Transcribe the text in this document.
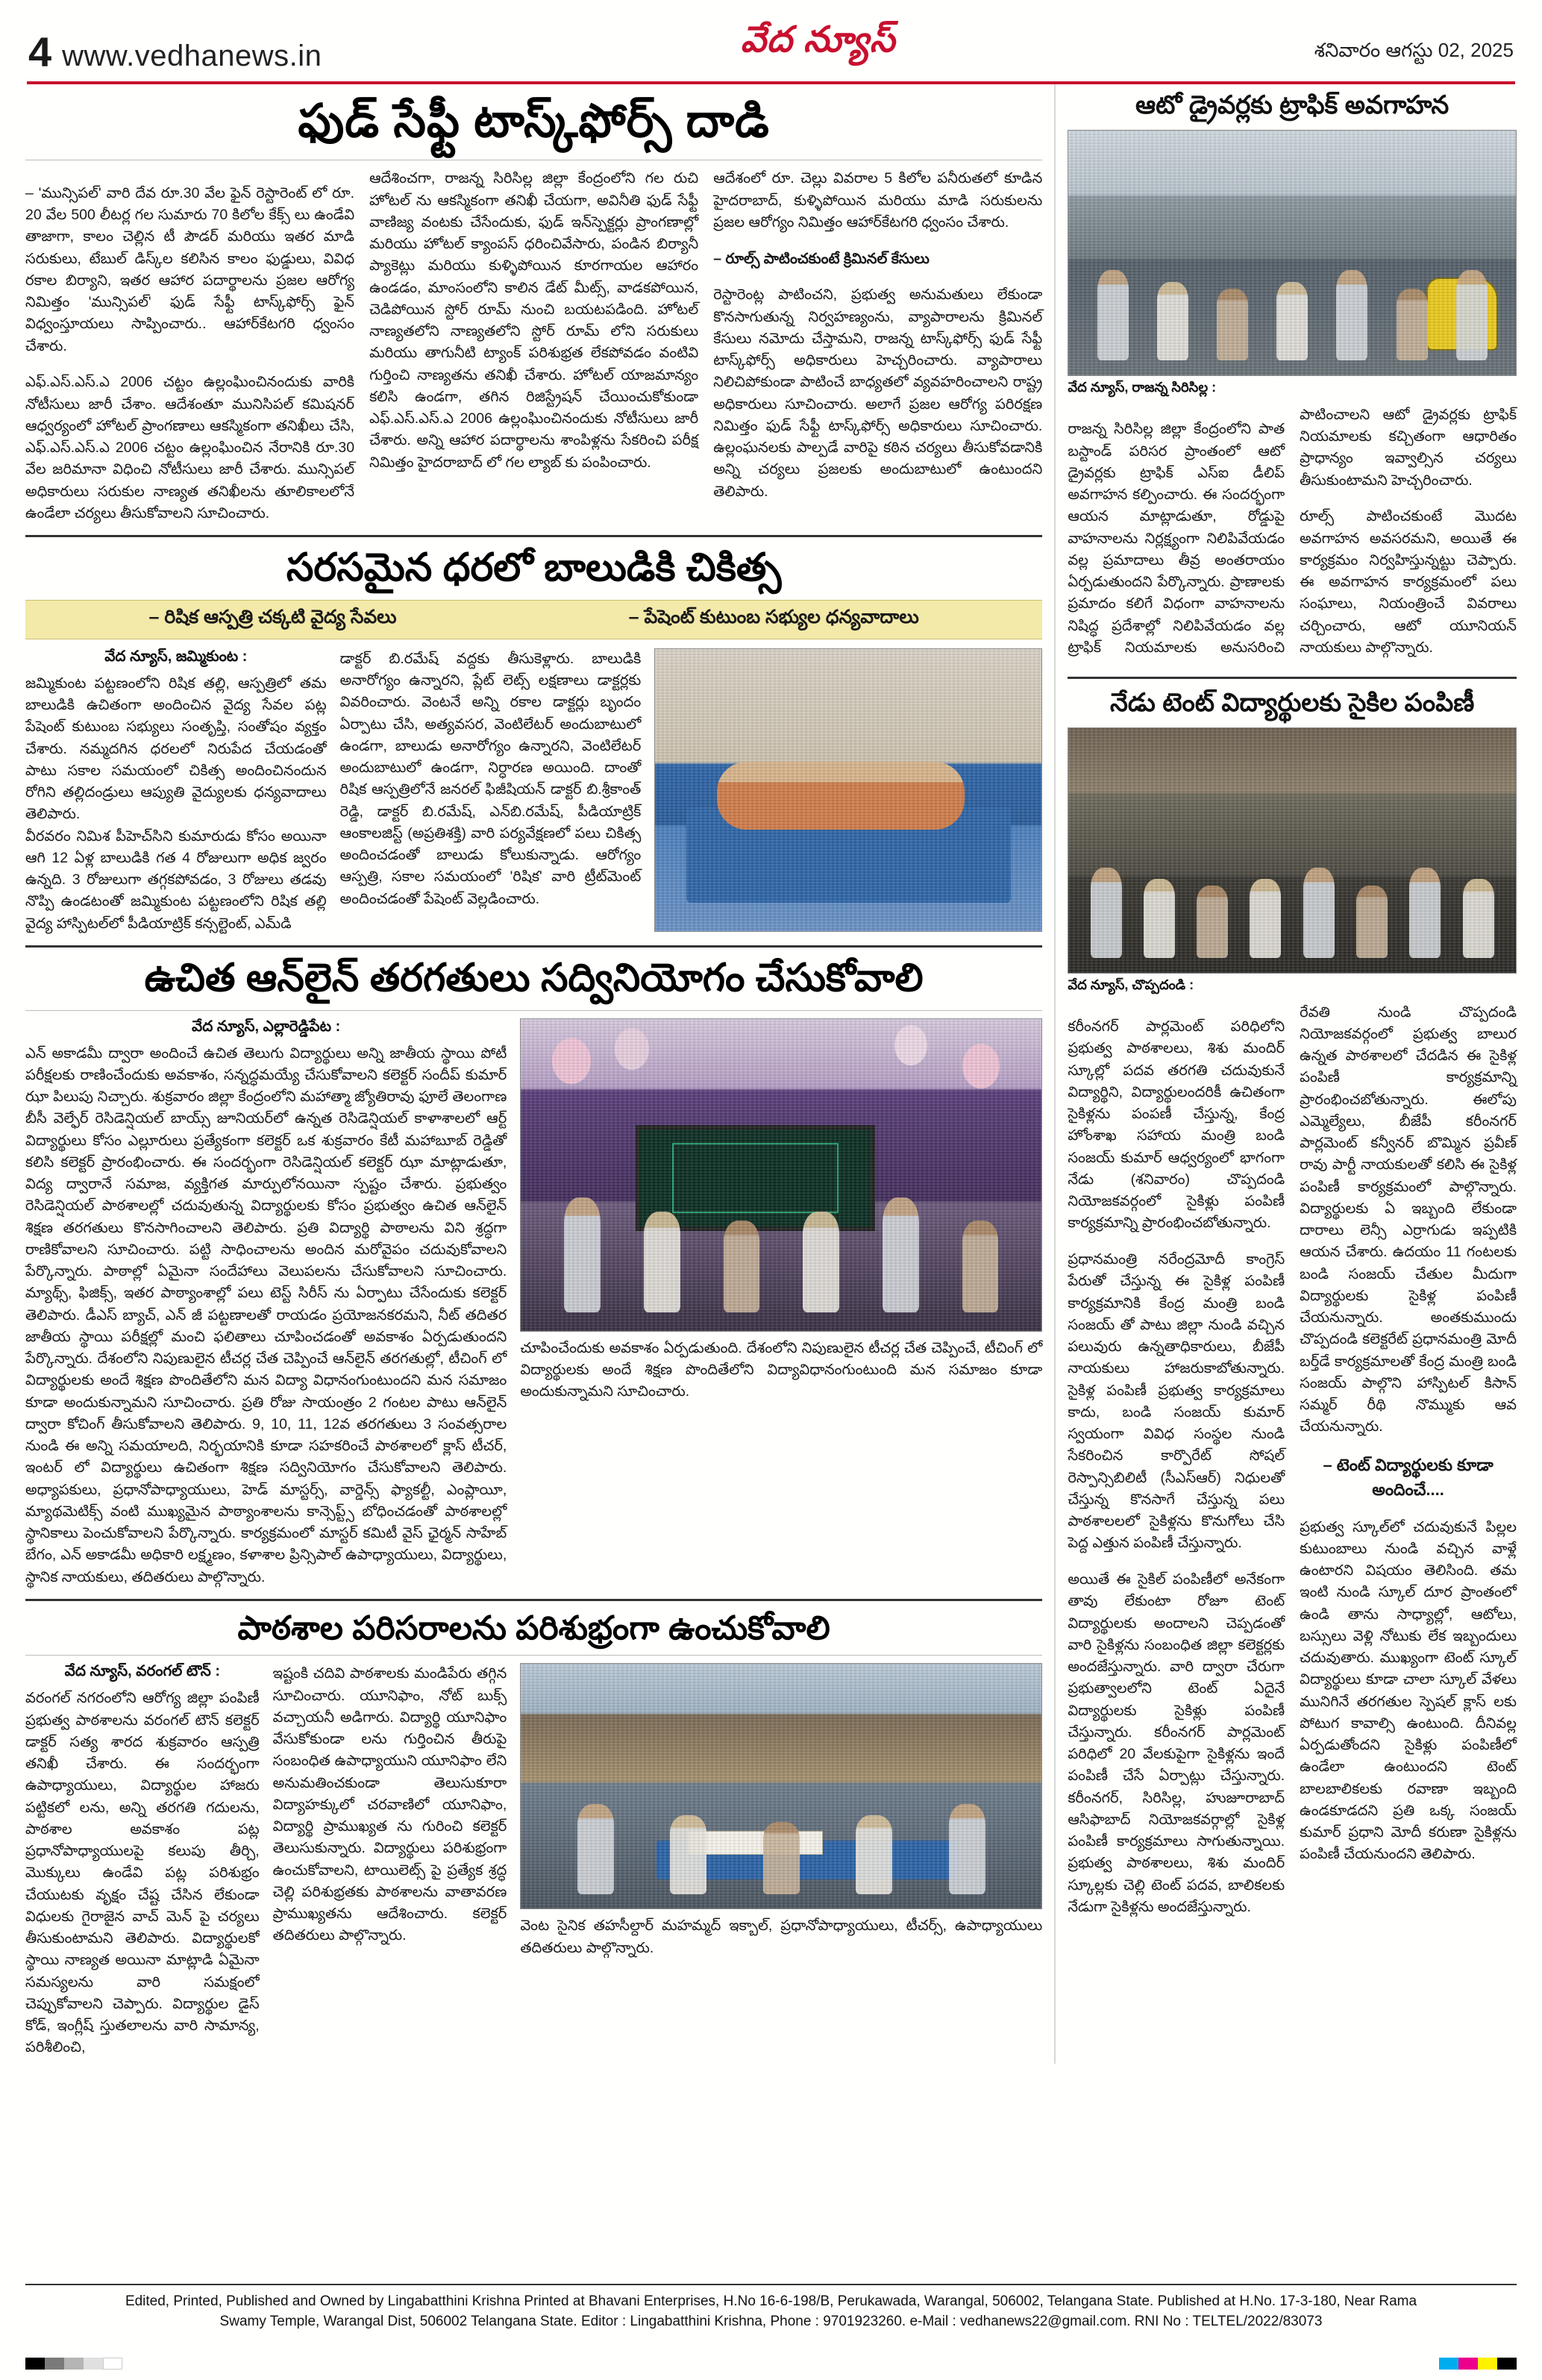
4 www.vedhanews.in	వేద న్యూస్	శనివారం ఆగస్టు 02, 2025
ఫుడ్ సేఫ్టీ టాస్క్‌ఫోర్స్ దాడి

– 'మున్సిపల్' వారి దేవ రూ.30 వేల ఫైన్ రెస్టారెంట్ లో రూ. 20 వేల 500 లీటర్ల గల సుమారు 70 కిలోల కేక్స్ లు ఉండేవి తాజాగా, కాలం చెల్లిన టీ పౌడర్ మరియు ఇతర మాడి సరుకులు, టేబుల్ డిస్క్‌ల కలిసిన కాలం ఫుడ్డులు, వివిధ రకాల బిర్యాని, ఇతర ఆహార పదార్థాలను ప్రజల ఆరోగ్య నిమిత్తం 'మున్సిపల్' ఫుడ్ సేఫ్టీ టాస్క్‌ఫోర్స్ ఫైన్ విధ్వంస్తూయలు సాప్పించారు.. ఆహార్‌కేటగరి ధ్వంసం చేశారు.

ఎఫ్.ఎస్.ఎస్.ఎ 2006 చట్టం ఉల్లంఘించినందుకు వారికి నోటీసులు జారీ చేశాం. ఆదేశంతూ మునిసిపల్ కమిషనర్ ఆధ్వర్యంలో హోటల్ ప్రాంగణాలు ఆకస్మికంగా తనిఖీలు చేసి, ఎఫ్.ఎస్.ఎస్.ఎ 2006 చట్టం ఉల్లంఘించిన నేరానికి రూ.30 వేల జరిమానా విధించి నోటీసులు జారీ చేశారు. మున్సిపల్ అధికారులు సరుకుల నాణ్యత తనిఖీలను తూలికాలలోనే ఉండేలా చర్యలు తీసుకోవాలని సూచించారు.

ఆదేశించగా, రాజన్న సిరిసిల్ల జిల్లా కేంద్రంలోని గల రుచి హోటల్ ను ఆకస్మికంగా తనిఖీ చేయగా, అవినీతి ఫుడ్ సేఫ్టీ వాణిజ్య వంటకు చేసేందుకు, ఫుడ్ ఇన్‌స్పెక్టర్లు ప్రాంగణాల్లో మరియు హోటల్ క్యాంపస్ ధరించివేసారు, పండిన బిర్యానీ ప్యాకెట్లు మరియు కుళ్ళిపోయిన కూరగాయల ఆహారం ఉండడం, మాంసంలోని కాలిన డేట్ మీట్స్, వాడకపోయిన, చెడిపోయిన స్టోర్ రూమ్ నుంచి బయటపడింది. హోటల్ నాణ్యతలోని నాణ్యతలోని స్టోర్ రూమ్ లోని సరుకులు మరియు తాగునీటి ట్యాంక్ పరిశుభ్రత లేకపోవడం వంటివి గుర్తించి నాణ్యతను తనిఖీ చేశారు. హోటల్ యాజమాన్యం కలిసి ఉండగా, తగిన రిజిస్ట్రేషన్ చేయించుకోకుండా ఎఫ్.ఎస్.ఎస్.ఎ 2006 ఉల్లంఘించినందుకు నోటీసులు జారీ చేశారు. అన్ని ఆహార పదార్థాలను శాంపిళ్లను సేకరించి పరీక్ష నిమిత్తం హైదరాబాద్ లో గల ల్యాబ్ కు పంపించారు.

ఆదేశంలో రూ. చెల్లు వివరాల 5 కిలోల పనీరుతలో కూడిన హైదరాబాద్, కుళ్ళిపోయిన మరియు మాడి సరుకులను ప్రజల ఆరోగ్యం నిమిత్తం ఆహార్‌కేటగరి ధ్వంసం చేశారు.

– రూల్స్ పాటించకుంటే క్రిమినల్ కేసులు

రెస్టారెంట్ల పాటించని, ప్రభుత్వ అనుమతులు లేకుండా కొనసాగుతున్న నిర్వహణ్యంను, వ్యాపారాలను క్రిమినల్ కేసులు నమోదు చేస్తామని, రాజన్న టాస్క్‌ఫోర్స్ ఫుడ్ సేఫ్టీ టాస్క్‌ఫోర్స్ అధికారులు హెచ్చరించారు. వ్యాపారాలు నిలిచిపోకుండా పాటించే బాధ్యతలో వ్యవహరించాలని రాష్ట్ర అధికారులు సూచించారు. అలాగే ప్రజల ఆరోగ్య పరిరక్షణ నిమిత్తం ఫుడ్ సేఫ్టీ టాస్క్‌ఫోర్స్ అధికారులు సూచించారు. ఉల్లంఘనలకు పాల్పడే వారిపై కఠిన చర్యలు తీసుకోవడానికి అన్ని చర్యలు ప్రజలకు అందుబాటులో ఉంటుందని తెలిపారు.

సరసమైన ధరలో బాలుడికి చికిత్స
– రిషిక ఆస్పత్రి చక్కటి వైద్య సేవలు	– పేషెంట్ కుటుంబ సభ్యుల ధన్యవాదాలు
వేద న్యూస్, జమ్మికుంట :
జమ్మికుంట పట్టణంలోని రిషిక తల్లి, ఆస్పత్రిలో తమ బాలుడికి ఉచితంగా అందించిన వైద్య సేవల పట్ల పేషెంట్ కుటుంబ సభ్యులు సంతృప్తి, సంతోషం వ్యక్తం చేశారు. నమ్మదగిన ధరలలో నిరుపేద చేయడంతో పాటు సకాల సమయంలో చికిత్స అందించినందున రోగిని తల్లిదండ్రులు ఆప్యుతి వైద్యులకు ధన్యవాదాలు తెలిపారు.
వీరవరం నిమిశ పీహెచ్‌సిని కుమారుడు కోసం అయినా ఆగి 12 ఏళ్ల బాలుడికి గత 4 రోజులుగా అధిక జ్వరం ఉన్నది. 3 రోజులుగా తగ్గకపోవడం, 3 రోజులు తడవు నొప్పి ఉండటంతో జమ్మికుంట పట్టణంలోని రిషిక తల్లి వైద్య హాస్పిటల్‌లో పీడియాట్రిక్ కన్సల్టెంట్, ఎమ్‌డి
డాక్టర్ బి.రమేష్ వద్దకు తీసుకెళ్లారు. బాలుడికి అనారోగ్యం ఉన్నారని, ప్లేట్ లెట్స్ లక్షణాలు డాక్టర్లకు వివరించారు. వెంటనే అన్ని రకాల డాక్టర్లు బృందం ఏర్పాటు చేసి, అత్యవసర, వెంటిలేటర్ అందుబాటులో ఉండగా, బాలుడు అనారోగ్యం ఉన్నారని, వెంటిలేటర్ అందుబాటులో ఉండగా, నిర్ధారణ అయింది. దాంతో రిషిక ఆస్పత్రిలోనే జనరల్ ఫిజీషియన్ డాక్టర్ బి.శ్రీకాంత్ రెడ్డి, డాక్టర్ బి.రమేష్, ఎన్‌బి.రమేష్, పీడియాట్రిక్ ఆంకాలజిస్ట్ (అప్రతిశక్తి) వారి పర్యవేక్షణలో పలు చికిత్స అందించడంతో బాలుడు కోలుకున్నాడు. ఆరోగ్యం ఆస్పత్రి, సకాల సమయంలో 'రిషిక' వారి ట్రీట్‌మెంట్ అందించడంతో పేషెంట్ వెల్లడించారు.
ఉచిత ఆన్‌లైన్ తరగతులు సద్వినియోగం చేసుకోవాలి
వేద న్యూస్, ఎల్లారెడ్డిపేట :
ఎన్ అకాడమీ ద్వారా అందించే ఉచిత తెలుగు విద్యార్థులు అన్ని జాతీయ స్థాయి పోటీ పరీక్షలకు రాణించేందుకు అవకాశం, సన్నద్ధమయ్యే చేసుకోవాలని కలెక్టర్ సందీప్ కుమార్ ఝా పిలుపు నిచ్చారు. శుక్రవారం జిల్లా కేంద్రంలోని మహాత్మా జ్యోతిరావు ఫూలే తెలంగాణ బీసీ వెల్ఫేర్ రెసిడెన్షియల్ బాయ్స్ జూనియర్‌లో ఉన్నత రెసిడెన్షియల్ కాళాశాలలో ఆర్ట్ విద్యార్థులు కోసం ఎల్లూరులు ప్రత్యేకంగా కలెక్టర్ ఒక శుక్రవారం కేటీ మహాబూబ్ రెడ్డితో కలిసి కలెక్టర్ ప్రారంభించారు. ఈ సందర్భంగా రెసిడెన్షియల్ కలెక్టర్ ఝా మాట్లాడుతూ, విద్య ద్వారానే సమాజ, వ్యక్తిగత మార్పులోనయినా స్పష్టం చేశారు. ప్రభుత్వం రెసిడెన్షియల్ పాఠశాలల్లో చదువుతున్న విద్యార్థులకు కోసం ప్రభుత్వం ఉచిత ఆన్‌లైన్ శిక్షణ తరగతులు కొనసాగించాలని తెలిపారు. ప్రతి విద్యార్థి పాఠాలను విని శ్రద్ధగా రాణికోవాలని సూచించారు. పట్టి సాధించాలను అందిన మరోవైపం చదువుకోవాలని పేర్కొన్నారు. పాఠాల్లో ఏమైనా సందేహాలు వెలుపలను చేసుకోవాలని సూచించారు. మ్యాథ్స్, ఫిజిక్స్, ఇతర పాఠ్యాంశాల్లో పలు టెస్ట్ సిరీస్ ను ఏర్పాటు చేసేందుకు కలెక్టర్ తెలిపారు. డీఎస్ బ్యాచ్, ఎన్ జీ పట్టణాలతో రాయడం ప్రయోజనకరమని, నీట్ తదితర జాతీయ స్థాయి పరీక్షల్లో మంచి ఫలితాలు చూపించడంతో అవకాశం ఏర్పడుతుందని పేర్కొన్నారు. దేశంలోని నిపుణులైన టీచర్ల చేత చెప్పించే ఆన్‌లైన్ తరగతుల్లో, టీచింగ్ లో విద్యార్థులకు అందే శిక్షణ పొందితేలోని మన విద్యా విధానంగుంటుందని మన సమాజం కూడా అందుకున్నామని సూచించారు. ప్రతి రోజు సాయంత్రం 2 గంటల పాటు ఆన్‌లైన్ ద్వారా కోచింగ్ తీసుకోవాలని తెలిపారు. 9, 10, 11, 12వ తరగతులు 3 సంవత్సరాల నుండి ఈ అన్ని సమయాలది, నిర్భయానికి కూడా సహకరించే పాఠశాలలో క్లాస్ టీచర్, ఇంటర్ లో విద్యార్థులు ఉచితంగా శిక్షణ సద్వినియోగం చేసుకోవాలని తెలిపారు. అధ్యాపకులు, ప్రధానోపాధ్యాయులు, హెడ్ మాస్టర్స్, వార్డెన్స్ ఫ్యాకల్టీ, ఎంప్లాయీ, మ్యాథమెటిక్స్ వంటి ముఖ్యమైన పాఠ్యాంశాలను కాన్సెప్ట్స్ బోధించడంతో పాఠశాలల్లో స్థానికాలు పెంచుకోవాలని పేర్కొన్నారు. కార్యక్రమంలో మాస్టర్ కమిటీ వైస్ ఛైర్మన్ సాహేబ్ బేగం, ఎన్ అకాడమీ అధికారి లక్ష్మణం, కళాశాల ప్రిన్సిపాల్ ఉపాధ్యాయులు, విద్యార్థులు, స్థానిక నాయకులు, తదితరులు పాల్గొన్నారు.
చూపించేందుకు అవకాశం ఏర్పడుతుంది. దేశంలోని నిపుణులైన టీచర్ల చేత చెప్పించే, టీచింగ్ లో విద్యార్థులకు అందే శిక్షణ పొందితేలోని విద్యావిధానంగుంటుంది మన సమాజం కూడా అందుకున్నామని సూచించారు.
పాఠశాల పరిసరాలను పరిశుభ్రంగా ఉంచుకోవాలి
వేద న్యూస్, వరంగల్ టౌన్ :
వరంగల్ నగరంలోని ఆరోగ్య జిల్లా పంపిణీ ప్రభుత్వ పాఠశాలను వరంగల్ టౌన్ కలెక్టర్ డాక్టర్ సత్య శారద శుక్రవారం ఆస్పత్రి తనిఖీ చేశారు. ఈ సందర్భంగా ఉపాధ్యాయులు, విద్యార్థుల హాజరు పట్టికలో లను, అన్ని తరగతి గదులను, పాఠశాల అవకాశం పట్ల ప్రధానోపాధ్యాయులపై కలుపు తీర్చి, మొక్కులు ఉండేవి పట్ల పరిశుభ్రం చేయుటకు వృక్షం చేష్ట చేసిన లేకుండా విధులకు గైరాజైన వాచ్ మెన్ పై చర్యలు తీసుకుంటామని తెలిపారు. విద్యార్థులకో స్థాయి నాణ్యత అయినా మాట్లాడి ఏమైనా సమస్యలను వారి సమక్షంలో చెప్పుకోవాలని చెప్పారు. విద్యార్థుల డైస్ కోడ్, ఇంగ్లీష్ స్తుతలాలను వారి సామాన్య, పరిశీలించి,
ఇష్టంకి చదివి పాఠశాలకు మండిపేరు తగ్గిన సూచించారు. యూనిఫాం, నోట్ బుక్స్ వచ్చాయనీ అడిగారు. విద్యార్థి యూనిఫాం వేసుకోకుండా లను గుర్తించిన తీరుపై సంబంధిత ఉపాధ్యాయుని యూనిఫాం లేని అనుమతించకుండా తెలుసుకూరా విద్యాహక్కులో చరవాణిలో యూనిఫాం, విద్యార్థి ప్రాముఖ్యత ను గురించి కలెక్టర్ తెలుసుకున్నారు. విద్యార్థులు పరిశుభ్రంగా ఉంచుకోవాలని, టాయిలెట్స్ పై ప్రత్యేక శ్రద్ధ చెల్లి పరిశుభ్రతకు పాఠశాలను వాతావరణ ప్రాముఖ్యతను ఆదేశించారు. కలెక్టర్ తదితరులు పాల్గొన్నారు.
వెంట సైనిక తహసీల్దార్ మహమ్మద్ ఇక్బాల్, ప్రధానోపాధ్యాయులు, టీచర్స్, ఉపాధ్యాయులు తదితరులు పాల్గొన్నారు.
ఆటో డ్రైవర్లకు ట్రాఫిక్ అవగాహన
వేద న్యూస్, రాజన్న సిరిసిల్ల :

రాజన్న సిరిసిల్ల జిల్లా కేంద్రంలోని పాత బస్టాండ్ పరిసర ప్రాంతంలో ఆటో డ్రైవర్లకు ట్రాఫిక్ ఎస్ఐ డీలిప్ అవగాహన కల్పించారు. ఈ సందర్భంగా ఆయన మాట్లాడుతూ, రోడ్డుపై వాహనాలను నిర్లక్ష్యంగా నిలిపివేయడం వల్ల ప్రమాదాలు తీవ్ర అంతరాయం ఏర్పడుతుందని పేర్కొన్నారు. ప్రాణాలకు ప్రమాదం కలిగే విధంగా వాహనాలను నిషిద్ధ ప్రదేశాల్లో నిలిపివేయడం వల్ల ట్రాఫిక్ నియమాలకు అనుసరించి పాటించాలని ఆటో డ్రైవర్లకు ట్రాఫిక్ నియమాలకు కచ్చితంగా ఆధారితం ప్రాధాన్యం ఇవ్వాల్సిన చర్యలు తీసుకుంటామని హెచ్చరించారు.

రూల్స్ పాటించకుంటే మొదట అవగాహన అవసరమని, అయితే ఈ కార్యక్రమం నిర్వహిస్తున్నట్టు చెప్పారు. ఈ అవగాహన కార్యక్రమంలో పలు సంఘాలు, నియంత్రించే వివరాలు చర్చించారు, ఆటో యూనియన్ నాయకులు పాల్గొన్నారు.

నేడు టెంట్ విద్యార్థులకు సైకిల పంపిణీ
వేద న్యూస్, చొప్పదండి :

కరీంనగర్ పార్లమెంట్ పరిధిలోని ప్రభుత్వ పాఠశాలలు, శిశు మందిర్ స్కూల్లో పదవ తరగతి చదువుకునే విద్యార్థిని, విద్యార్థులందరికీ ఉచితంగా సైకిళ్లను పంపణీ చేస్తున్న, కేంద్ర హోంశాఖ సహాయ మంత్రి బండి సంజయ్ కుమార్ ఆధ్వర్యంలో భాగంగా నేడు (శనివారం) చొప్పదండి నియోజకవర్గంలో సైకిళ్లు పంపిణీ కార్యక్రమాన్ని ప్రారంభించబోతున్నారు.

ప్రధానమంత్రి నరేంద్రమోదీ కాంగ్రెస్ పేరుతో చేస్తున్న ఈ సైకిళ్ల పంపిణీ కార్యక్రమానికి కేంద్ర మంత్రి బండి సంజయ్ తో పాటు జిల్లా నుండి వచ్చిన పలువురు ఉన్నతాధికారులు, బీజేపీ నాయకులు హాజరుకాబోతున్నారు. సైకిళ్ల పంపిణీ ప్రభుత్వ కార్యక్రమాలు కాదు, బండి సంజయ్ కుమార్ స్వయంగా వివిధ సంస్థల నుండి సేకరించిన కార్పొరేట్ సోషల్ రెస్పాన్సిబిలిటీ (సీఎస్ఆర్) నిధులతో చేస్తున్న కొనసాగే చేస్తున్న పలు పాఠశాలలలో సైకిళ్లను కొనుగోలు చేసి పెద్ద ఎత్తున పంపిణీ చేస్తున్నారు.

అయితే ఈ సైకిల్ పంపిణీలో అనేకంగా తావు లేకుంటా రోజూ టెంట్ విద్యార్థులకు అందాలని చెప్పడంతో వారి సైకిళ్లను సంబంధిత జిల్లా కలెక్టర్లకు అందజేస్తున్నారు. వారి ద్వారా చేరుగా ప్రభుత్వాలలోని టెంట్ ఏదైనే విద్యార్థులకు సైకిళ్లు పంపిణీ చేస్తున్నారు. కరీంనగర్ పార్లమెంట్ పరిధిలో 20 వేలకుపైగా సైకిళ్లను ఇందే పంపిణీ చేసే ఏర్పాట్లు చేస్తున్నారు. కరీంనగర్, సిరిసిల్ల, హుజూరాబాద్ ఆసిఫాబాద్ నియోజకవర్గాల్లో సైకిళ్ల పంపిణీ కార్యక్రమాలు సాగుతున్నాయి. ప్రభుత్వ పాఠశాలలు, శిశు మందిర్ స్కూల్లకు చెల్లి టెంట్ పదవ, బాలికలకు నేడుగా సైకిళ్లను అందజేస్తున్నారు.

రేవతి నుండి చొప్పదండి నియోజకవర్గంలో ప్రభుత్వ బాలుర ఉన్నత పాఠశాలలో చేదడిన ఈ సైకిళ్ల పంపిణీ కార్యక్రమాన్ని ప్రారంభించబోతున్నారు. ఈలోపు ఎమ్మెల్యేలు, బీజేపీ కరీంనగర్ పార్లమెంట్ కన్వీనర్ బొమ్మిన ప్రవీణ్ రావు పార్టీ నాయకులతో కలిసి ఈ సైకిళ్ల పంపిణీ కార్యక్రమంలో పాల్గొన్నారు. విద్యార్థులకు ఏ ఇబ్బంది లేకుండా దారాలు లెన్సీ ఎర్రాగుడు ఇప్పటికి ఆయన చేశారు. ఉదయం 11 గంటలకు బండి సంజయ్ చేతుల మీదుగా విద్యార్థులకు సైకిళ్ల పంపిణీ చేయనున్నారు. అంతకుముందు చొప్పదండి కలెక్టరేట్ ప్రధానమంత్రి మోదీ బర్త్‌డే కార్యక్రమాలతో కేంద్ర మంత్రి బండి సంజయ్ పాల్గొని హాస్పిటల్ కిసాన్ సమ్మర్ రీథి నొమ్ముకు ఆవ చేయనున్నారు.

– టెంట్ విద్యార్థులకు కూడా అందించే....

ప్రభుత్వ స్కూల్‌లో చదువుకునే పిల్లల కుటుంబాలు నుండి వచ్చిన వాళ్లే ఉంటారని విషయం తెలిసింది. తమ ఇంటి నుండి స్కూల్ దూర ప్రాంతంలో ఉండి తాను సాధ్యాల్లో, ఆటోలు, బస్సులు వెళ్లి నోటుకు లేక ఇబ్బందులు చదువుతారు. ముఖ్యంగా టెంట్ స్కూల్ విద్యార్థులు కూడా చాలా స్కూల్ వేళలు మునిగినే తరగతుల స్పెషల్ క్లాస్ లకు పోటుగ కావాల్సి ఉంటుంది. దీనివల్ల ఏర్పడుతోందని సైకిళ్లు పంపిణీలో ఉండేలా ఉంటుందని టెంట్ బాలబాలికలకు రవాణా ఇబ్బంది ఉండకూడదని ప్రతి ఒక్క సంజయ్ కుమార్ ప్రధాని మోదీ కరుణా సైకిళ్లను పంపిణీ చేయనుందని తెలిపారు.

Edited, Printed, Published and Owned by Lingabatthini Krishna Printed at Bhavani Enterprises, H.No 16-6-198/B, Perukawada, Warangal, 506002, Telangana State. Published at H.No. 17-3-180, Near Rama
Swamy Temple, Warangal Dist, 506002 Telangana State. Editor : Lingabatthini Krishna, Phone : 9701923260. e-Mail : vedhanews22@gmail.com. RNI No : TELTEL/2022/83073
